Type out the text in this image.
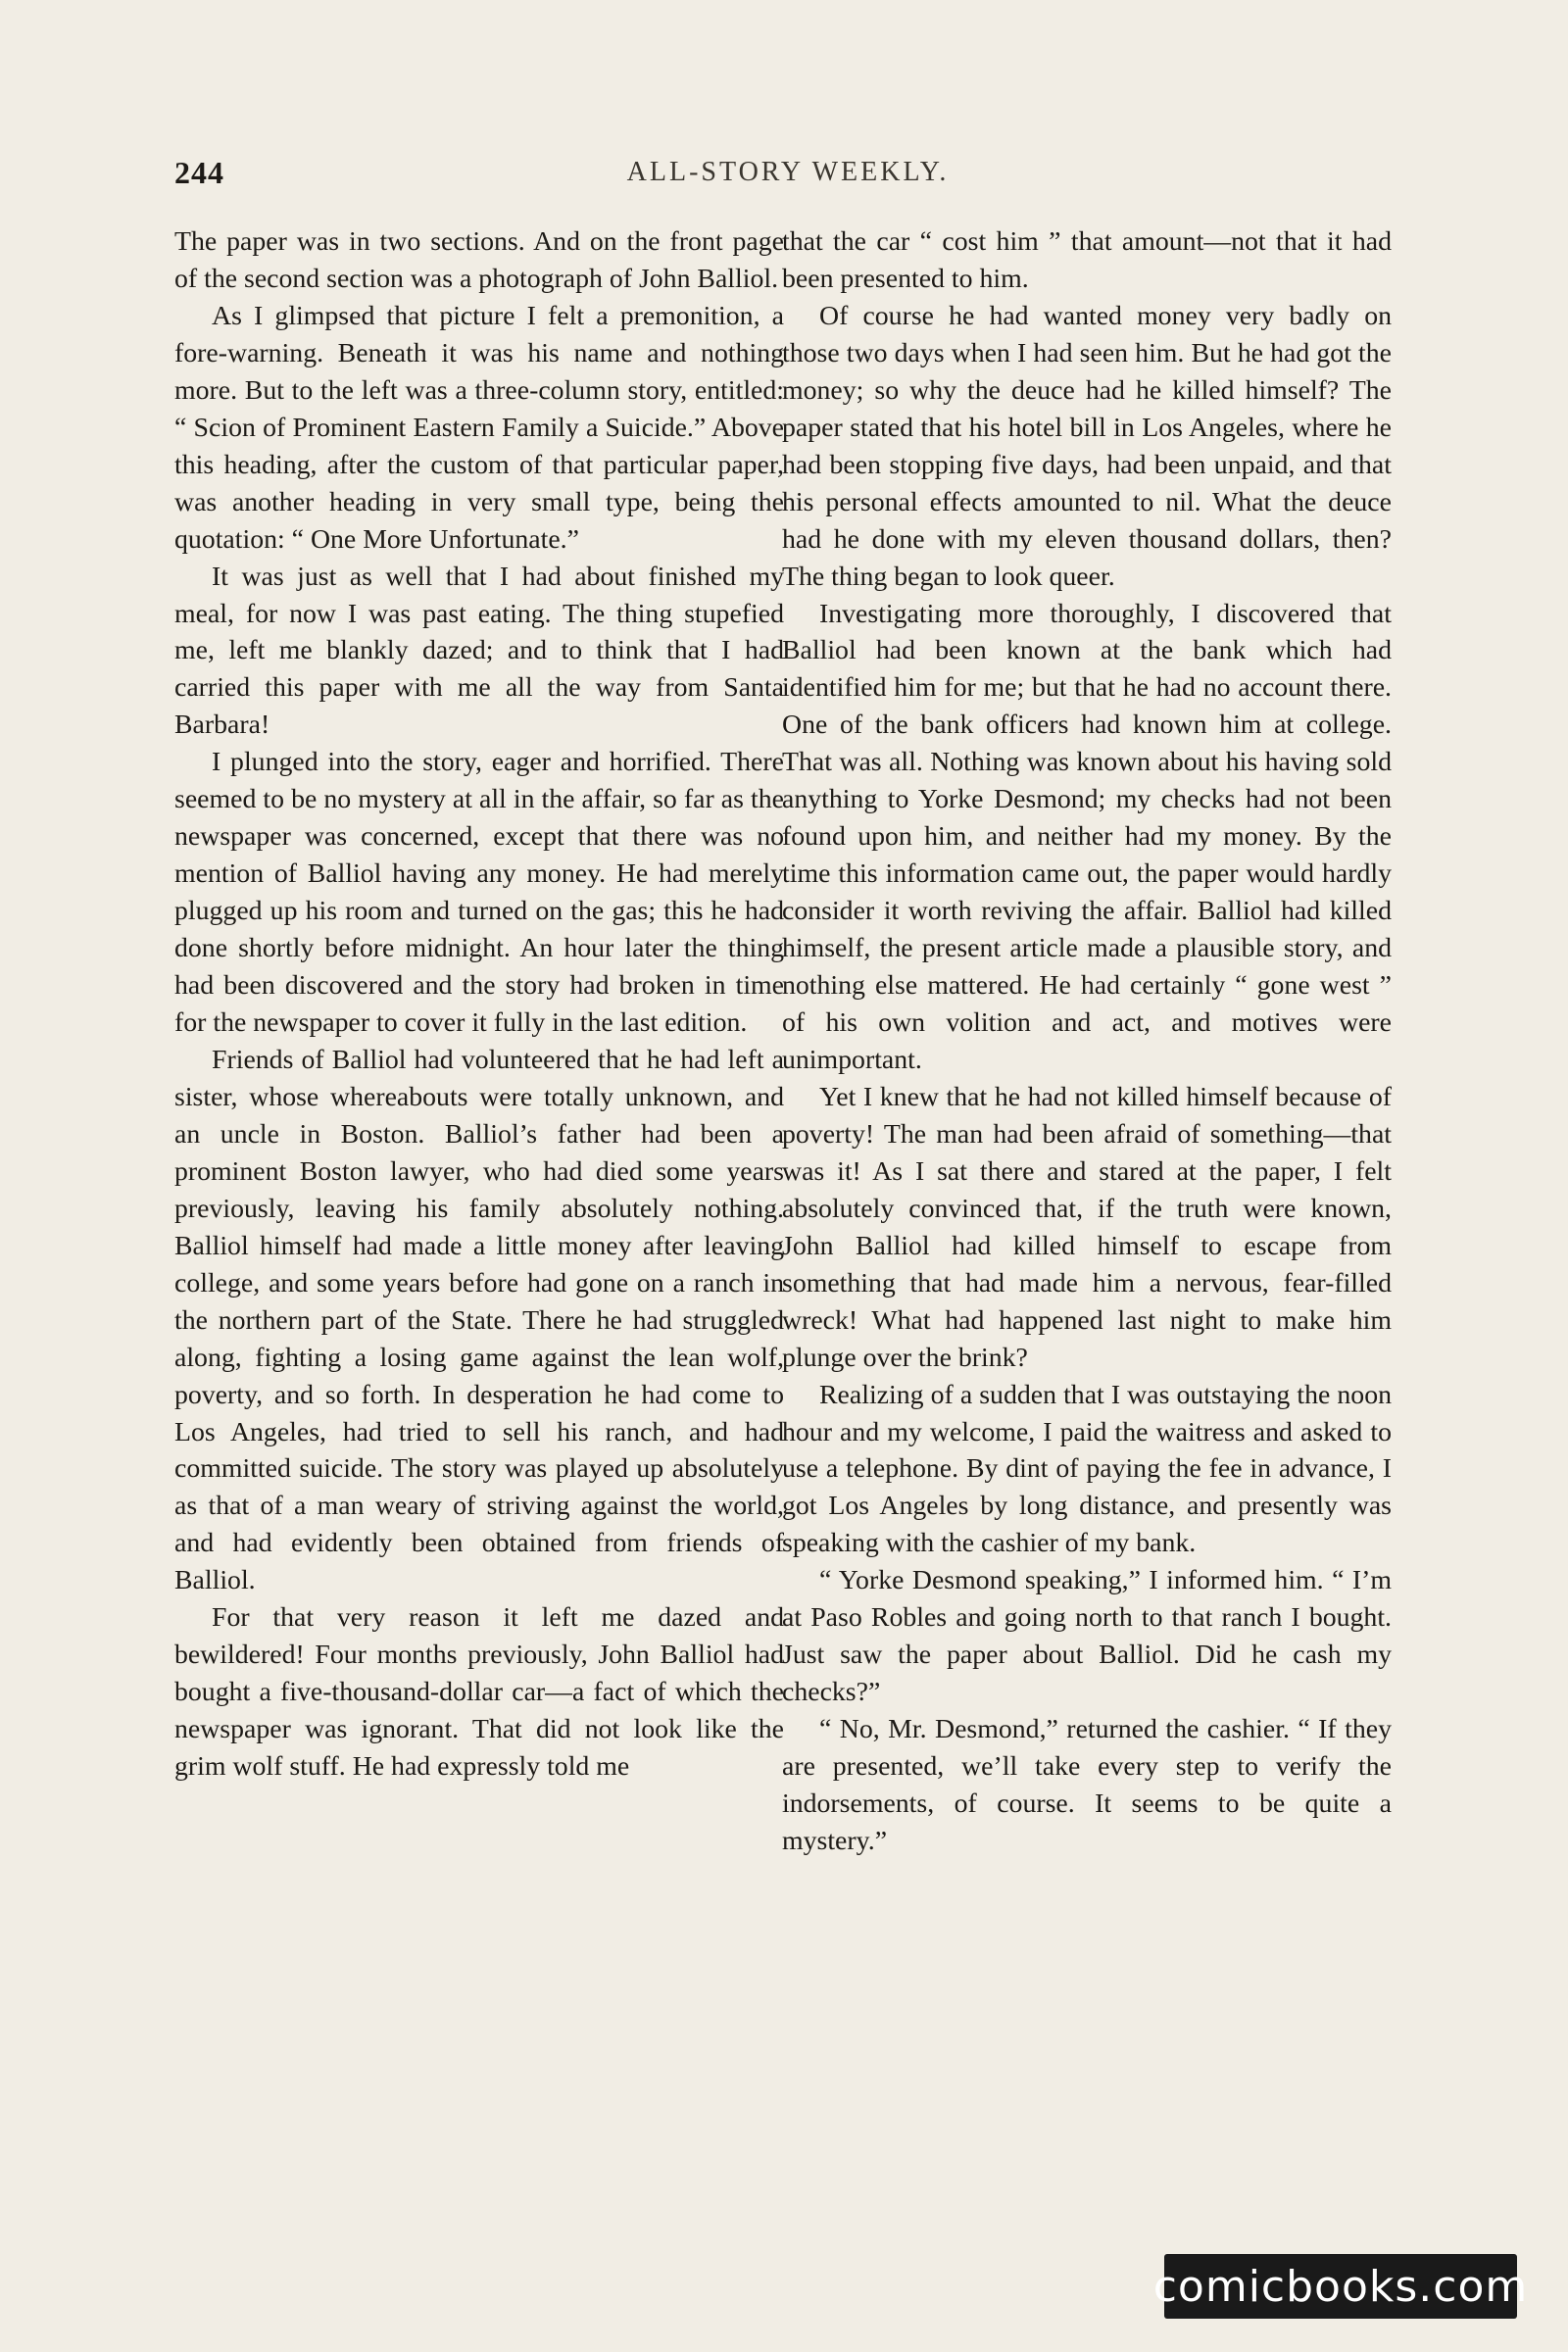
244	ALL-STORY WEEKLY.

The paper was in two sections. And on the front page of the second section was a photograph of John Balliol.

As I glimpsed that picture I felt a premonition, a fore-warning. Beneath it was his name and nothing more. But to the left was a three-column story, entitled: “ Scion of Prominent Eastern Family a Suicide.” Above this heading, after the custom of that particular paper, was another heading in very small type, being the quotation: “ One More Unfortunate.”

It was just as well that I had about finished my meal, for now I was past eating. The thing stupefied me, left me blankly dazed; and to think that I had carried this paper with me all the way from Santa Barbara!

I plunged into the story, eager and horrified. There seemed to be no mystery at all in the affair, so far as the newspaper was concerned, except that there was no mention of Balliol having any money. He had merely plugged up his room and turned on the gas; this he had done shortly before midnight. An hour later the thing had been discovered and the story had broken in time for the newspaper to cover it fully in the last edition.

Friends of Balliol had volunteered that he had left a sister, whose whereabouts were totally unknown, and an uncle in Boston. Balliol’s father had been a prominent Boston lawyer, who had died some years previously, leaving his family absolutely nothing. Balliol himself had made a little money after leaving college, and some years before had gone on a ranch in the northern part of the State. There he had struggled along, fighting a losing game against the lean wolf, poverty, and so forth. In desperation he had come to Los Angeles, had tried to sell his ranch, and had committed suicide. The story was played up absolutely as that of a man weary of striving against the world, and had evidently been obtained from friends of Balliol.

For that very reason it left me dazed and bewildered! Four months previously, John Balliol had bought a five-thousand-dollar car—a fact of which the newspaper was ignorant. That did not look like the grim wolf stuff. He had expressly told me

that the car “ cost him ” that amount—not that it had been presented to him.

Of course he had wanted money very badly on those two days when I had seen him. But he had got the money; so why the deuce had he killed himself? The paper stated that his hotel bill in Los Angeles, where he had been stopping five days, had been unpaid, and that his personal effects amounted to nil. What the deuce had he done with my eleven thousand dollars, then? The thing began to look queer.

Investigating more thoroughly, I discovered that Balliol had been known at the bank which had identified him for me; but that he had no account there. One of the bank officers had known him at college. That was all. Nothing was known about his having sold anything to Yorke Desmond; my checks had not been found upon him, and neither had my money. By the time this information came out, the paper would hardly consider it worth reviving the affair. Balliol had killed himself, the present article made a plausible story, and nothing else mattered. He had certainly “ gone west ” of his own volition and act, and motives were unimportant.

Yet I knew that he had not killed himself because of poverty! The man had been afraid of something—that was it! As I sat there and stared at the paper, I felt absolutely convinced that, if the truth were known, John Balliol had killed himself to escape from something that had made him a nervous, fear-filled wreck! What had happened last night to make him plunge over the brink?

Realizing of a sudden that I was outstaying the noon hour and my welcome, I paid the waitress and asked to use a telephone. By dint of paying the fee in advance, I got Los Angeles by long distance, and presently was speaking with the cashier of my bank.

“ Yorke Desmond speaking,” I informed him. “ I’m at Paso Robles and going north to that ranch I bought. Just saw the paper about Balliol. Did he cash my checks?”

“ No, Mr. Desmond,” returned the cashier. “ If they are presented, we’ll take every step to verify the indorsements, of course. It seems to be quite a mystery.”

comicbooks.com
